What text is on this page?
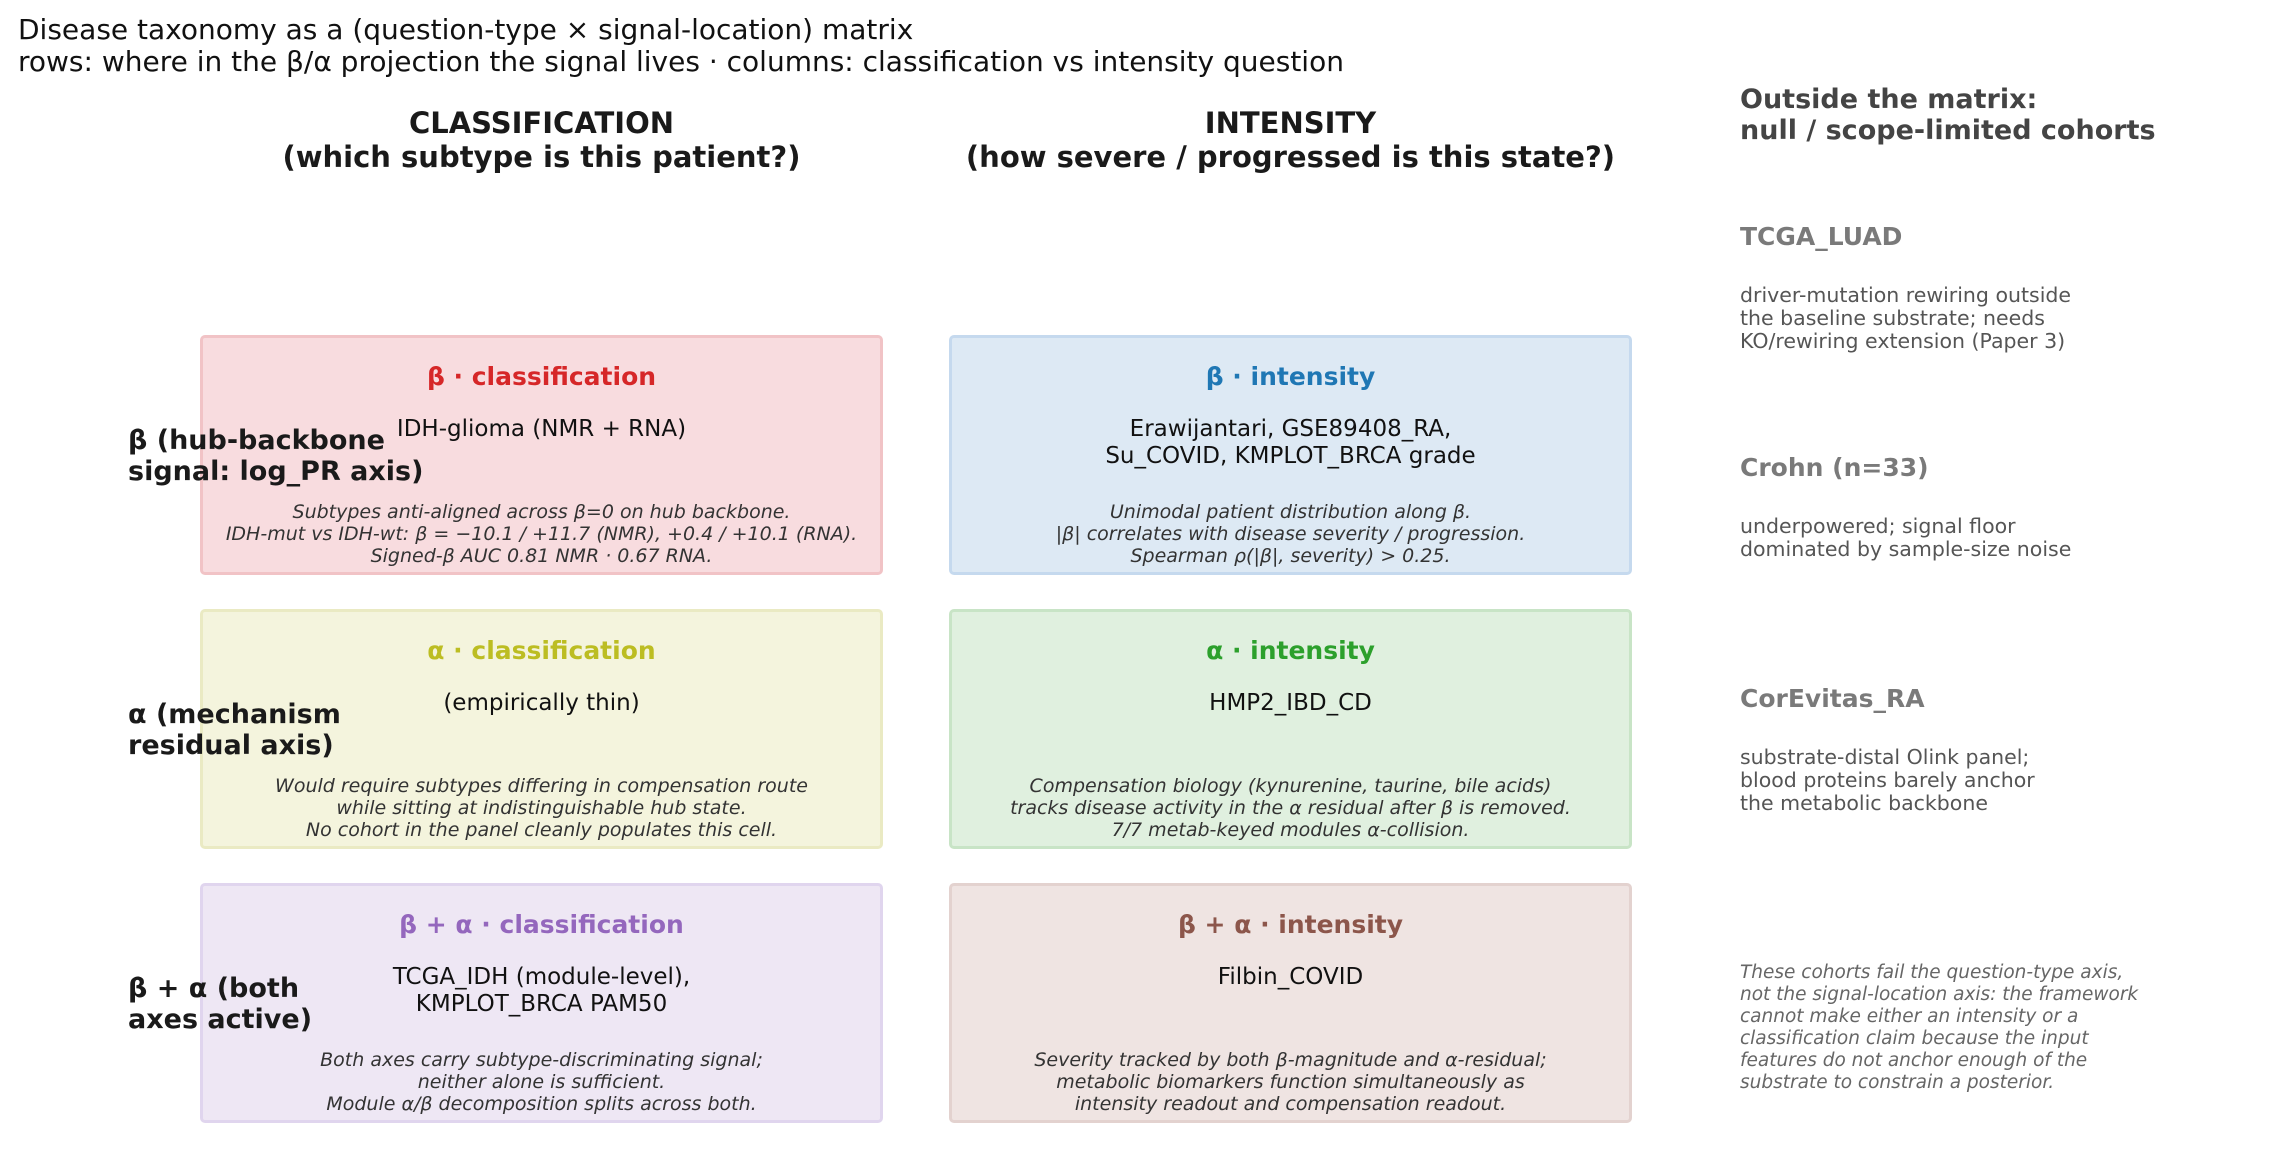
Disease taxonomy as a (question-type × signal-location) matrix
rows: where in the β/α projection the signal lives · columns: classification vs intensity question
CLASSIFICATION
(which subtype is this patient?)
INTENSITY
(how severe / progressed is this state?)
β · classification
IDH-glioma (NMR + RNA)
Subtypes anti-aligned across β=0 on hub backbone.
IDH-mut vs IDH-wt: β = −10.1 / +11.7 (NMR), +0.4 / +10.1 (RNA).
Signed-β AUC 0.81 NMR · 0.67 RNA.
β · intensity
Erawijantari, GSE89408_RA,
Su_COVID, KMPLOT_BRCA grade
Unimodal patient distribution along β.
|β| correlates with disease severity / progression.
Spearman ρ(|β|, severity) > 0.25.
α · classification
(empirically thin)
Would require subtypes differing in compensation route
while sitting at indistinguishable hub state.
No cohort in the panel cleanly populates this cell.
α · intensity
HMP2_IBD_CD
Compensation biology (kynurenine, taurine, bile acids)
tracks disease activity in the α residual after β is removed.
7/7 metab-keyed modules α-collision.
β + α · classification
TCGA_IDH (module-level),
KMPLOT_BRCA PAM50
Both axes carry subtype-discriminating signal;
neither alone is sufficient.
Module α/β decomposition splits across both.
β + α · intensity
Filbin_COVID
Severity tracked by both β-magnitude and α-residual;
metabolic biomarkers function simultaneously as
intensity readout and compensation readout.
β (hub-backbone
signal: log_PR axis)
α (mechanism
residual axis)
β + α (both
axes active)
Outside the matrix:
null / scope-limited cohorts
TCGA_LUAD
driver-mutation rewiring outside
the baseline substrate; needs
KO/rewiring extension (Paper 3)
Crohn (n=33)
underpowered; signal floor
dominated by sample-size noise
CorEvitas_RA
substrate-distal Olink panel;
blood proteins barely anchor
the metabolic backbone
These cohorts fail the question-type axis,
not the signal-location axis: the framework
cannot make either an intensity or a
classification claim because the input
features do not anchor enough of the
substrate to constrain a posterior.
